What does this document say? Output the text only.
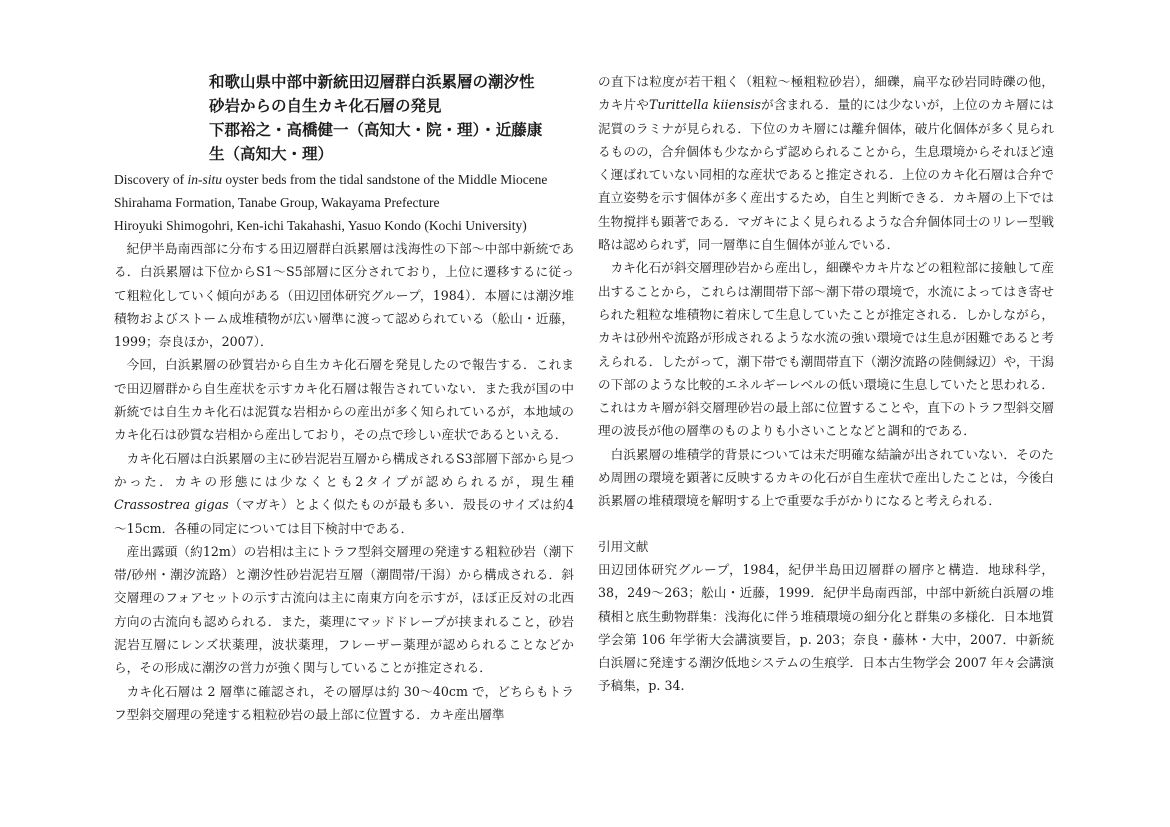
和歌山県中部中新統田辺層群白浜累層の潮汐性

砂岩からの自生カキ化石層の発見

下郡裕之・高橋健一（高知大・院・理）・近藤康

生（高知大・理）

Discovery of in-situ oyster beds from the tidal sandstone of the Middle Miocene Shirahama Formation, Tanabe Group, Wakayama Prefecture

Hiroyuki Shimogohri, Ken-ichi Takahashi, Yasuo Kondo (Kochi University)

紀伊半島南西部に分布する田辺層群白浜累層は浅海性の下部～中部中新統である．白浜累層は下位からS1～S5部層に区分されており，上位に遷移するに従って粗粒化していく傾向がある（田辺団体研究グループ，1984）．本層には潮汐堆積物およびストーム成堆積物が広い層準に渡って認められている（舩山・近藤，1999；奈良ほか，2007）．

今回，白浜累層の砂質岩から自生カキ化石層を発見したので報告する．これまで田辺層群から自生産状を示すカキ化石層は報告されていない．また我が国の中新統では自生カキ化石は泥質な岩相からの産出が多く知られているが，本地域のカキ化石は砂質な岩相から産出しており，その点で珍しい産状であるといえる．

カキ化石層は白浜累層の主に砂岩泥岩互層から構成されるS3部層下部から見つかった．カキの形態には少なくとも2タイプが認められるが，現生種Crassostrea gigas（マガキ）とよく似たものが最も多い．殻長のサイズは約4～15cm．各種の同定については目下検討中である．

産出露頭（約12m）の岩相は主にトラフ型斜交層理の発達する粗粒砂岩（潮下帯/砂州・潮汐流路）と潮汐性砂岩泥岩互層（潮間帯/干潟）から構成される．斜交層理のフォアセットの示す古流向は主に南東方向を示すが，ほぼ正反対の北西方向の古流向も認められる．また，薬理にマッドドレープが挟まれること，砂岩泥岩互層にレンズ状薬理，波状薬理，フレーザー薬理が認められることなどから，その形成に潮汐の営力が強く関与していることが推定される．

カキ化石層は 2 層準に確認され，その層厚は約 30～40cm で，どちらもトラフ型斜交層理の発達する粗粒砂岩の最上部に位置する．カキ産出層準

の直下は粒度が若干粗く（粗粒～極粗粒砂岩），細礫，扁平な砂岩同時礫の他，カキ片やTurittella kiiensisが含まれる．量的には少ないが，上位のカキ層には泥質のラミナが見られる．下位のカキ層には離弁個体，破片化個体が多く見られるものの，合弁個体も少なからず認められることから，生息環境からそれほど遠く運ばれていない同相的な産状であると推定される．上位のカキ化石層は合弁で直立姿勢を示す個体が多く産出するため，自生と判断できる．カキ層の上下では生物撹拌も顕著である．マガキによく見られるような合弁個体同士のリレー型戦略は認められず，同一層準に自生個体が並んでいる．

カキ化石が斜交層理砂岩から産出し，細礫やカキ片などの粗粒部に接触して産出することから，これらは潮間帯下部～潮下帯の環境で，水流によってはき寄せられた粗粒な堆積物に着床して生息していたことが推定される．しかしながら，カキは砂州や流路が形成されるような水流の強い環境では生息が困難であると考えられる．したがって，潮下帯でも潮間帯直下（潮汐流路の陸側縁辺）や，干潟の下部のような比較的エネルギーレベルの低い環境に生息していたと思われる．これはカキ層が斜交層理砂岩の最上部に位置することや，直下のトラフ型斜交層理の波長が他の層準のものよりも小さいことなどと調和的である．

白浜累層の堆積学的背景については未だ明確な結論が出されていない．そのため周囲の環境を顕著に反映するカキの化石が自生産状で産出したことは，今後白浜累層の堆積環境を解明する上で重要な手がかりになると考えられる．

引用文献

田辺団体研究グループ，1984，紀伊半島田辺層群の層序と構造．地球科学，38，249～263；舩山・近藤，1999．紀伊半島南西部，中部中新統白浜層の堆積相と底生動物群集：浅海化に伴う堆積環境の細分化と群集の多様化．日本地質学会第 106 年学術大会講演要旨，p. 203；奈良・藤林・大中，2007．中新統白浜層に発達する潮汐低地システムの生痕学．日本古生物学会 2007 年々会講演予稿集，p. 34.
